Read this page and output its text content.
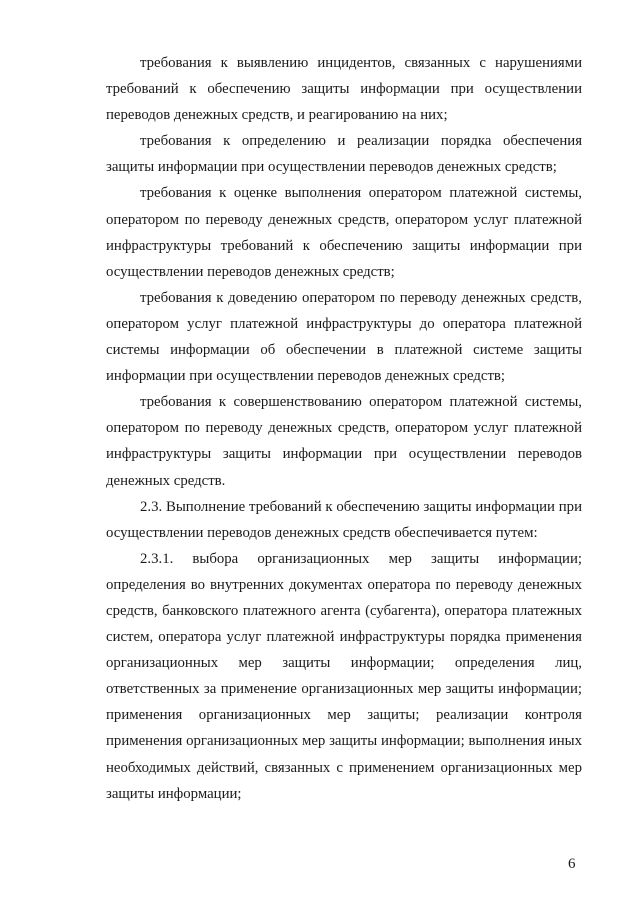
требования к выявлению инцидентов, связанных с нарушениями требований к обеспечению защиты информации при осуществлении переводов денежных средств, и реагированию на них;

требования к определению и реализации порядка обеспечения защиты информации при осуществлении переводов денежных средств;

требования к оценке выполнения оператором платежной системы, оператором по переводу денежных средств, оператором услуг платежной инфраструктуры требований к обеспечению защиты информации при осуществлении переводов денежных средств;

требования к доведению оператором по переводу денежных средств, оператором услуг платежной инфраструктуры до оператора платежной системы информации об обеспечении в платежной системе защиты информации при осуществлении переводов денежных средств;

требования к совершенствованию оператором платежной системы, оператором по переводу денежных средств, оператором услуг платежной инфраструктуры защиты информации при осуществлении переводов денежных средств.

2.3. Выполнение требований к обеспечению защиты информации при осуществлении переводов денежных средств обеспечивается путем:

2.3.1. выбора организационных мер защиты информации; определения во внутренних документах оператора по переводу денежных средств, банковского платежного агента (субагента), оператора платежных систем, оператора услуг платежной инфраструктуры порядка применения организационных мер защиты информации; определения лиц, ответственных за применение организационных мер защиты информации; применения организационных мер защиты; реализации контроля применения организационных мер защиты информации; выполнения иных необходимых действий, связанных с применением организационных мер защиты информации;

6
